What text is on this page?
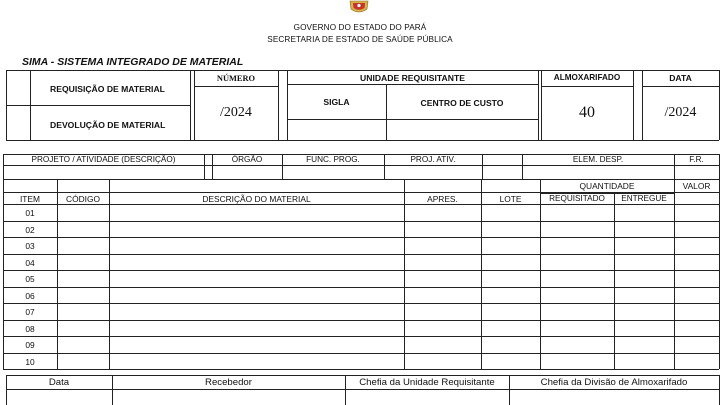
GOVERNO DO ESTADO DO PARÁ
SECRETARIA DE ESTADO DE SAÚDE PÚBLICA
SIMA - SISTEMA INTEGRADO DE MATERIAL
REQUISIÇÃO DE MATERIAL
DEVOLUÇÃO DE MATERIAL
NÚMERO
/2024
UNIDADE REQUISITANTE
SIGLA	CENTRO DE CUSTO
ALMOXARIFADO
40
DATA
/2024
PROJETO / ATIVIDADE (DESCRIÇÃO)	ÓRGÃO	FUNC. PROG.	PROJ. ATIV.	ELEM. DESP.	F.R.
QUANTIDADE	VALOR
ITEM	CÓDIGO	DESCRIÇÃO DO MATERIAL	APRES.	LOTE	REQUISITADO	ENTREGUE
01
02
03
04
05
06
07
08
09
10
Data	Recebedor	Chefia da Unidade Requisitante	Chefia da Divisão de Almoxarifado
